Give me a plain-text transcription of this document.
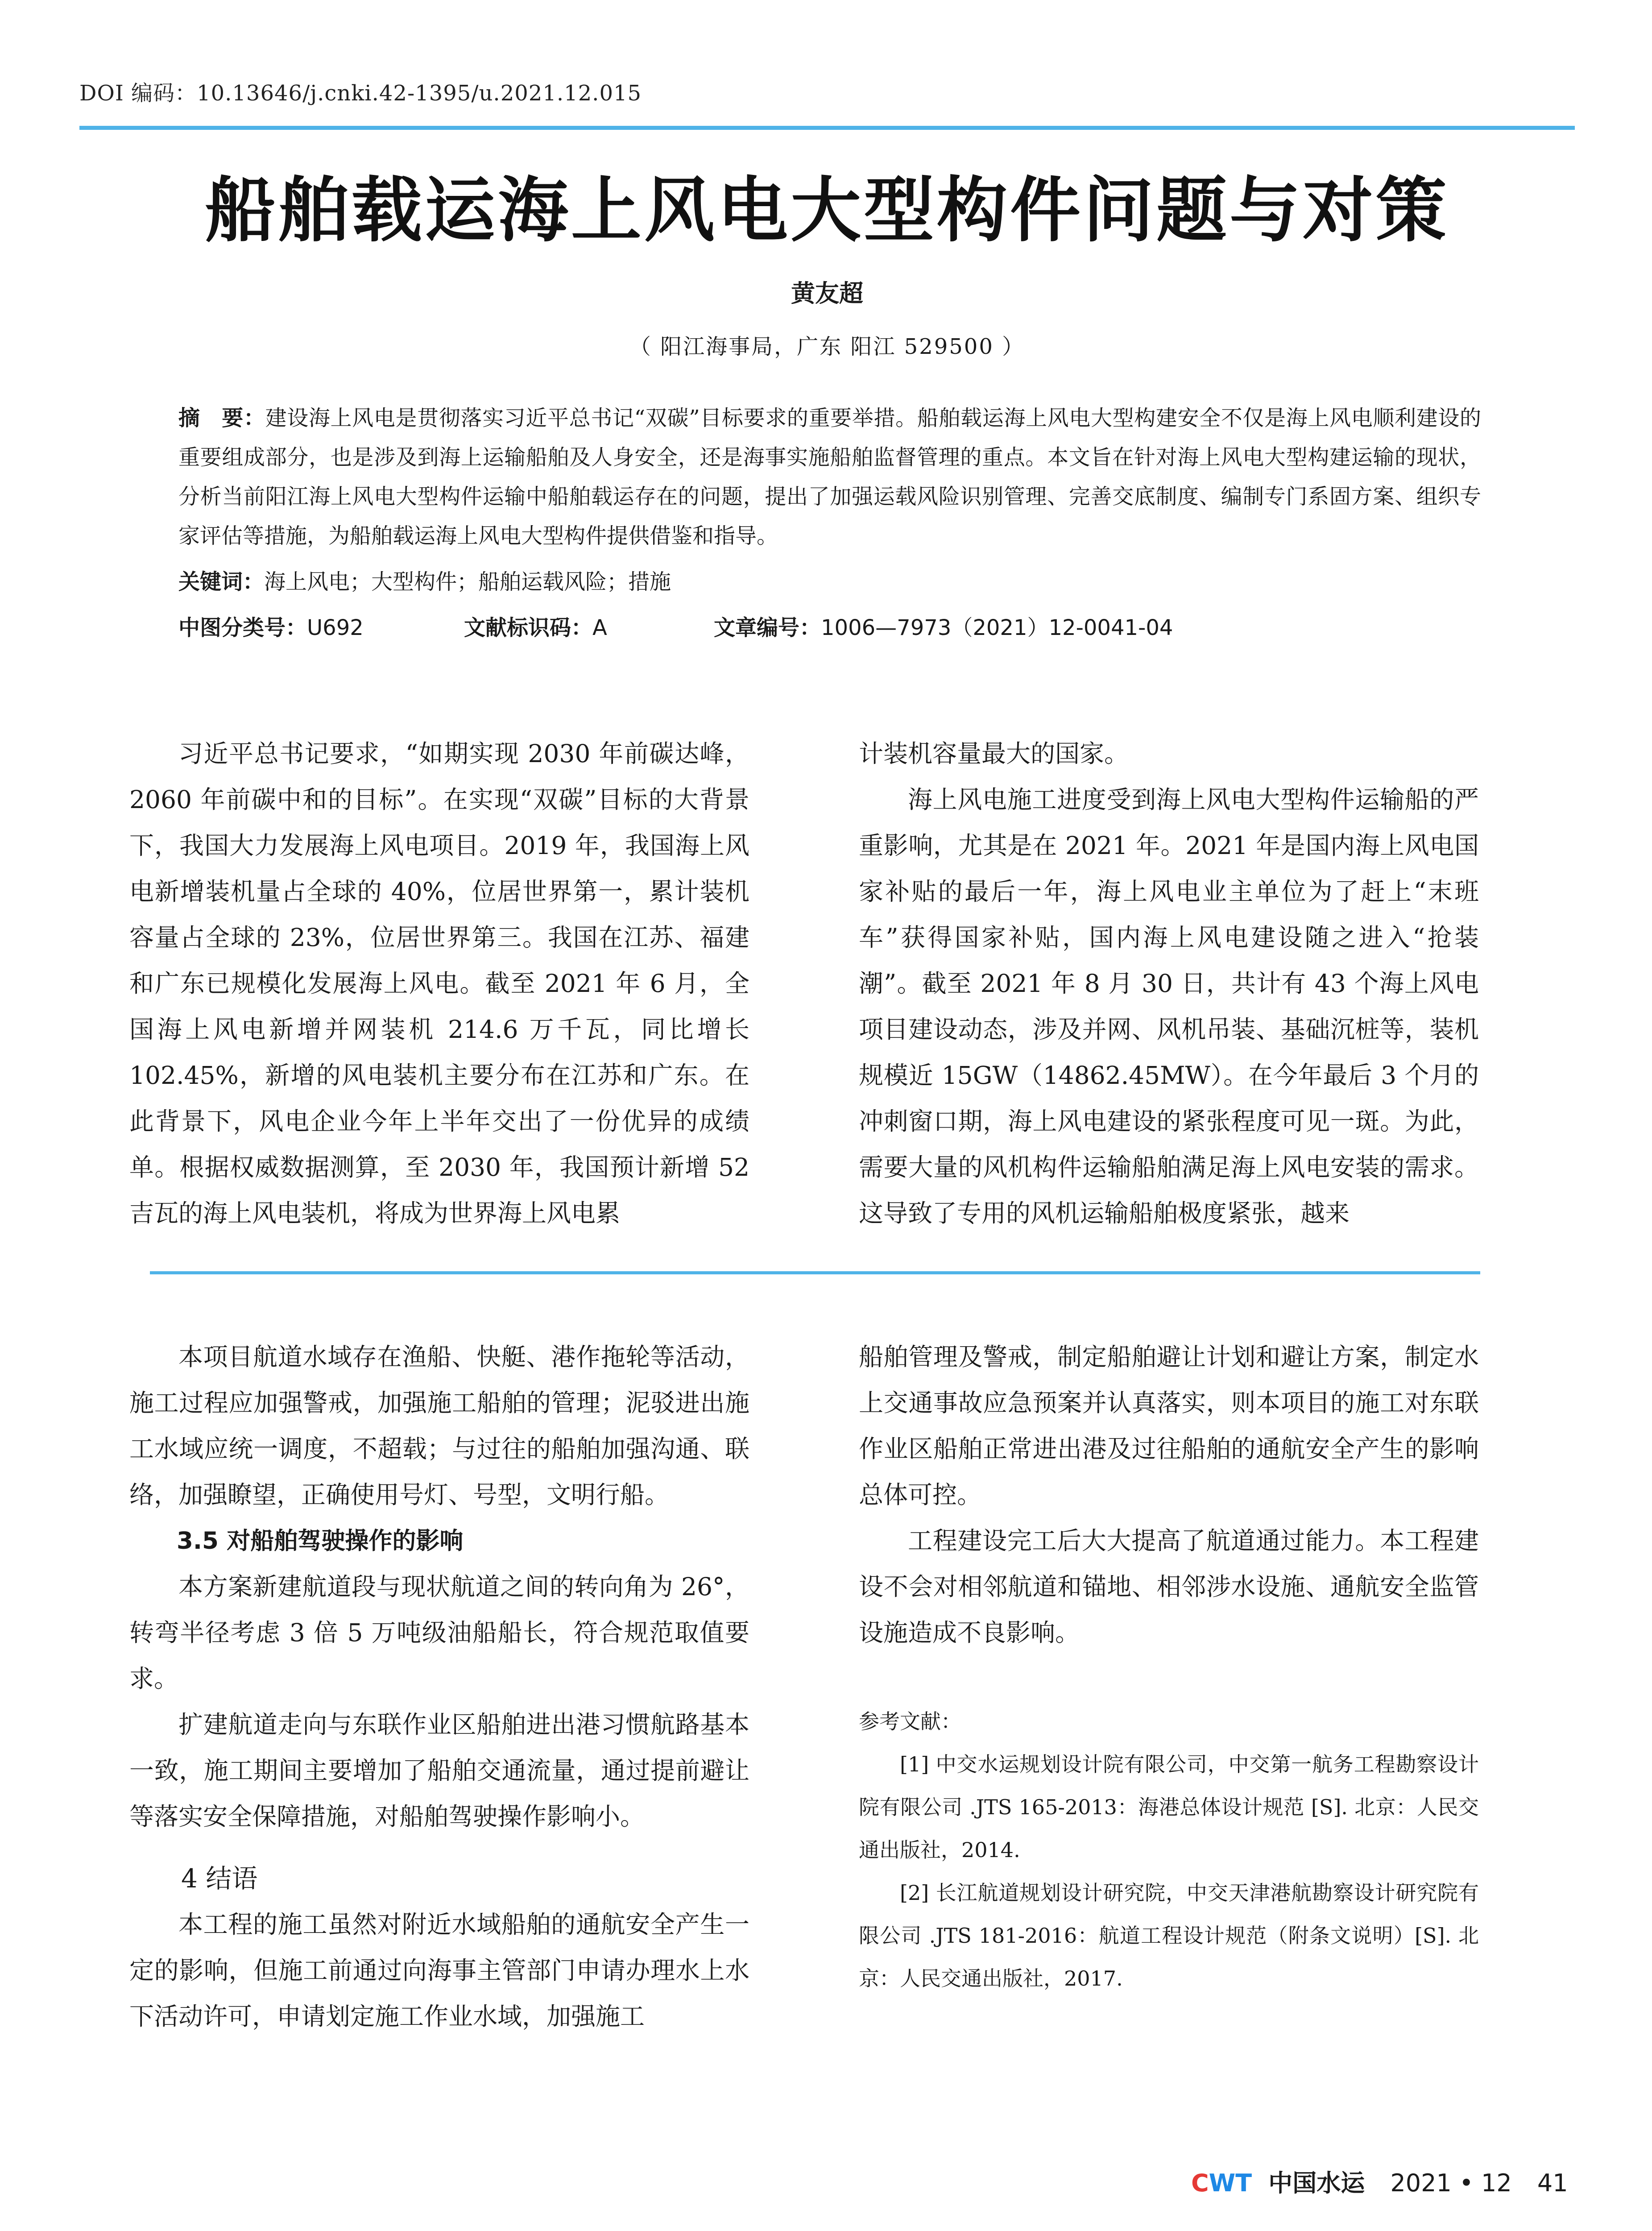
DOI 编码：10.13646/j.cnki.42-1395/u.2021.12.015
船舶载运海上风电大型构件问题与对策
黄友超
（ 阳江海事局，广东 阳江 529500 ）
摘　要：建设海上风电是贯彻落实习近平总书记“双碳”目标要求的重要举措。船舶载运海上风电大型构建安全不仅是海上风电顺利建设的重要组成部分，也是涉及到海上运输船舶及人身安全，还是海事实施船舶监督管理的重点。本文旨在针对海上风电大型构建运输的现状，分析当前阳江海上风电大型构件运输中船舶载运存在的问题，提出了加强运载风险识别管理、完善交底制度、编制专门系固方案、组织专家评估等措施，为船舶载运海上风电大型构件提供借鉴和指导。
关键词：海上风电；大型构件；船舶运载风险；措施
中图分类号：U692	文献标识码：A	文章编号：1006—7973（2021）12-0041-04

习近平总书记要求，“如期实现 2030 年前碳达峰，2060 年前碳中和的目标”。在实现“双碳”目标的大背景下，我国大力发展海上风电项目。2019 年，我国海上风电新增装机量占全球的 40%，位居世界第一，累计装机容量占全球的 23%，位居世界第三。我国在江苏、福建和广东已规模化发展海上风电。截至 2021 年 6 月，全国海上风电新增并网装机 214.6 万千瓦，同比增长 102.45%，新增的风电装机主要分布在江苏和广东。在此背景下，风电企业今年上半年交出了一份优异的成绩单。根据权威数据测算，至 2030 年，我国预计新增 52 吉瓦的海上风电装机，将成为世界海上风电累

计装机容量最大的国家。

海上风电施工进度受到海上风电大型构件运输船的严重影响，尤其是在 2021 年。2021 年是国内海上风电国家补贴的最后一年，海上风电业主单位为了赶上“末班车”获得国家补贴，国内海上风电建设随之进入“抢装潮”。截至 2021 年 8 月 30 日，共计有 43 个海上风电项目建设动态，涉及并网、风机吊装、基础沉桩等，装机规模近 15GW（14862.45MW）。在今年最后 3 个月的冲刺窗口期，海上风电建设的紧张程度可见一斑。为此，需要大量的风机构件运输船舶满足海上风电安装的需求。这导致了专用的风机运输船舶极度紧张，越来

本项目航道水域存在渔船、快艇、港作拖轮等活动，施工过程应加强警戒，加强施工船舶的管理；泥驳进出施工水域应统一调度，不超载；与过往的船舶加强沟通、联络，加强瞭望，正确使用号灯、号型，文明行船。

3.5 对船舶驾驶操作的影响

本方案新建航道段与现状航道之间的转向角为 26°，转弯半径考虑 3 倍 5 万吨级油船船长，符合规范取值要求。

扩建航道走向与东联作业区船舶进出港习惯航路基本一致，施工期间主要增加了船舶交通流量，通过提前避让等落实安全保障措施，对船舶驾驶操作影响小。

4 结语

本工程的施工虽然对附近水域船舶的通航安全产生一定的影响，但施工前通过向海事主管部门申请办理水上水下活动许可，申请划定施工作业水域，加强施工

船舶管理及警戒，制定船舶避让计划和避让方案，制定水上交通事故应急预案并认真落实，则本项目的施工对东联作业区船舶正常进出港及过往船舶的通航安全产生的影响总体可控。

工程建设完工后大大提高了航道通过能力。本工程建设不会对相邻航道和锚地、相邻涉水设施、通航安全监管设施造成不良影响。

参考文献：

[1] 中交水运规划设计院有限公司，中交第一航务工程勘察设计院有限公司 .JTS 165-2013：海港总体设计规范 [S]. 北京：人民交通出版社，2014.

[2] 长江航道规划设计研究院，中交天津港航勘察设计研究院有限公司 .JTS 181-2016：航道工程设计规范（附条文说明）[S]. 北京：人民交通出版社，2017.

CWT 中国水运 2021 • 12 41
